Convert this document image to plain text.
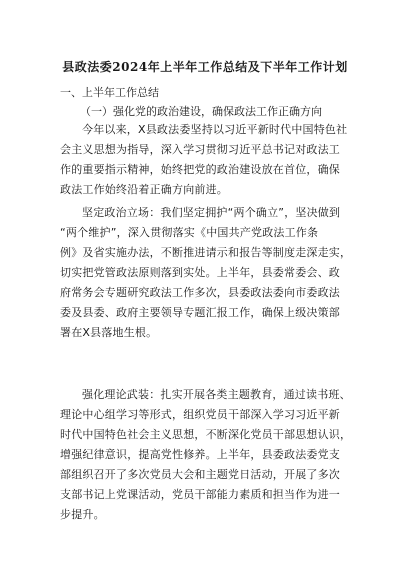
县政法委2024年上半年工作总结及下半年工作计划
一、上半年工作总结
（一）强化党的政治建设，确保政法工作正确方向
今年以来，X县政法委坚持以习近平新时代中国特色社
会主义思想为指导，深入学习贯彻习近平总书记对政法工
作的重要指示精神，始终把党的政治建设放在首位，确保
政法工作始终沿着正确方向前进。
坚定政治立场：我们坚定拥护“两个确立”，坚决做到
“两个维护”，深入贯彻落实《中国共产党政法工作条
例》及省实施办法，不断推进请示和报告等制度走深走实，
切实把党管政法原则落到实处。上半年，县委常委会、政
府常务会专题研究政法工作多次，县委政法委向市委政法
委及县委、政府主要领导专题汇报工作，确保上级决策部
署在X县落地生根。
强化理论武装：扎实开展各类主题教育，通过读书班、
理论中心组学习等形式，组织党员干部深入学习习近平新
时代中国特色社会主义思想，不断深化党员干部思想认识，
增强纪律意识，提高党性修养。上半年，县委政法委党支
部组织召开了多次党员大会和主题党日活动，开展了多次
支部书记上党课活动，党员干部能力素质和担当作为进一
步提升。
